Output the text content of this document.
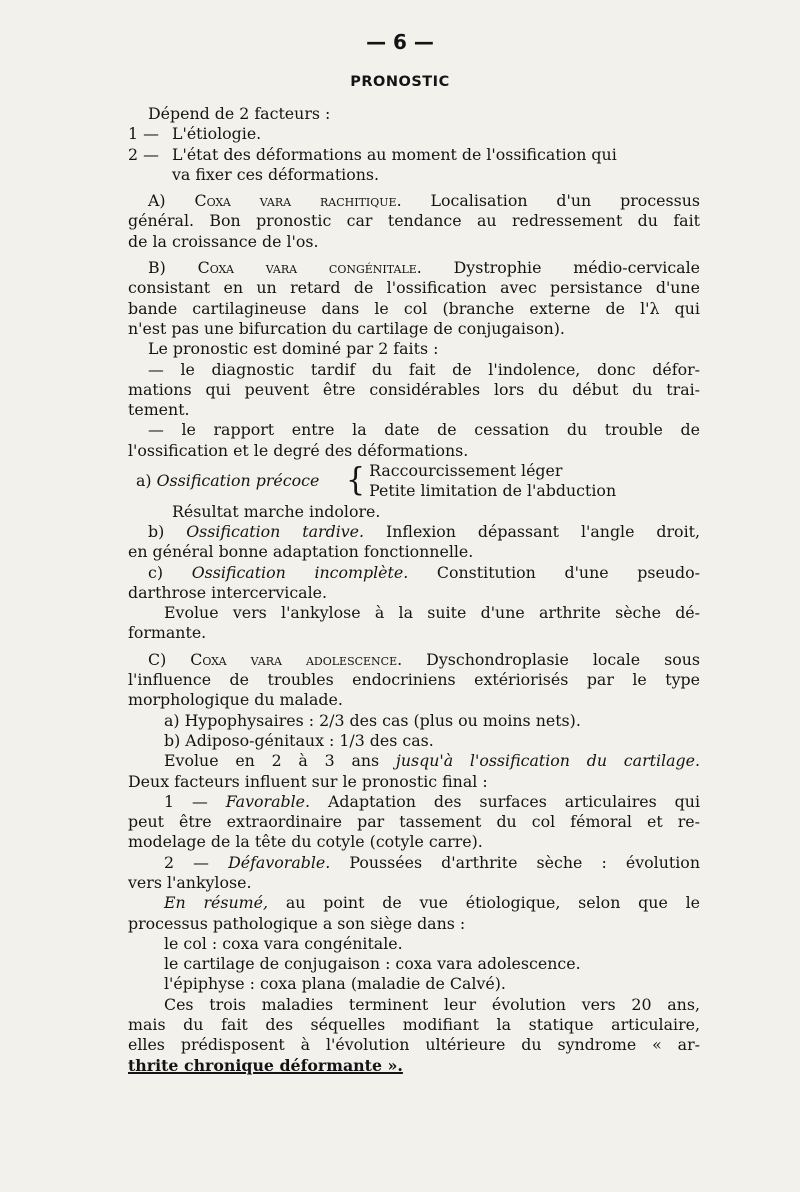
— 6 —
PRONOSTIC
Dépend de 2 facteurs :
1 — L'étiologie.
2 — L'état des déformations au moment de l'ossification qui
va fixer ces déformations.
A) Coxa vara rachitique. Localisation d'un processus
général. Bon pronostic car tendance au redressement du fait
de la croissance de l'os.
B) Coxa vara congénitale. Dystrophie médio-cervicale
consistant en un retard de l'ossification avec persistance d'une
bande cartilagineuse dans le col (branche externe de l'λ qui
n'est pas une bifurcation du cartilage de conjugaison).
Le pronostic est dominé par 2 faits :
— le diagnostic tardif du fait de l'indolence, donc défor-
mations qui peuvent être considérables lors du début du trai-
tement.
— le rapport entre la date de cessation du trouble de
l'ossification et le degré des déformations.
a) Ossification précoce { Raccourcissement léger
Petite limitation de l'abduction
Résultat marche indolore.
b) Ossification tardive. Inflexion dépassant l'angle droit,
en général bonne adaptation fonctionnelle.
c) Ossification incomplète. Constitution d'une pseudo-
darthrose intercervicale.
Evolue vers l'ankylose à la suite d'une arthrite sèche dé-
formante.
C) Coxa vara adolescence. Dyschondroplasie locale sous
l'influence de troubles endocriniens extériorisés par le type
morphologique du malade.
a) Hypophysaires : 2/3 des cas (plus ou moins nets).
b) Adiposo-génitaux : 1/3 des cas.
Evolue en 2 à 3 ans jusqu'à l'ossification du cartilage.
Deux facteurs influent sur le pronostic final :
1 — Favorable. Adaptation des surfaces articulaires qui
peut être extraordinaire par tassement du col fémoral et re-
modelage de la tête du cotyle (cotyle carre).
2 — Défavorable. Poussées d'arthrite sèche : évolution
vers l'ankylose.
En résumé, au point de vue étiologique, selon que le
processus pathologique a son siège dans :
le col : coxa vara congénitale.
le cartilage de conjugaison : coxa vara adolescence.
l'épiphyse : coxa plana (maladie de Calvé).
Ces trois maladies terminent leur évolution vers 20 ans,
mais du fait des séquelles modifiant la statique articulaire,
elles prédisposent à l'évolution ultérieure du syndrome « ar-
thrite chronique déformante ».
